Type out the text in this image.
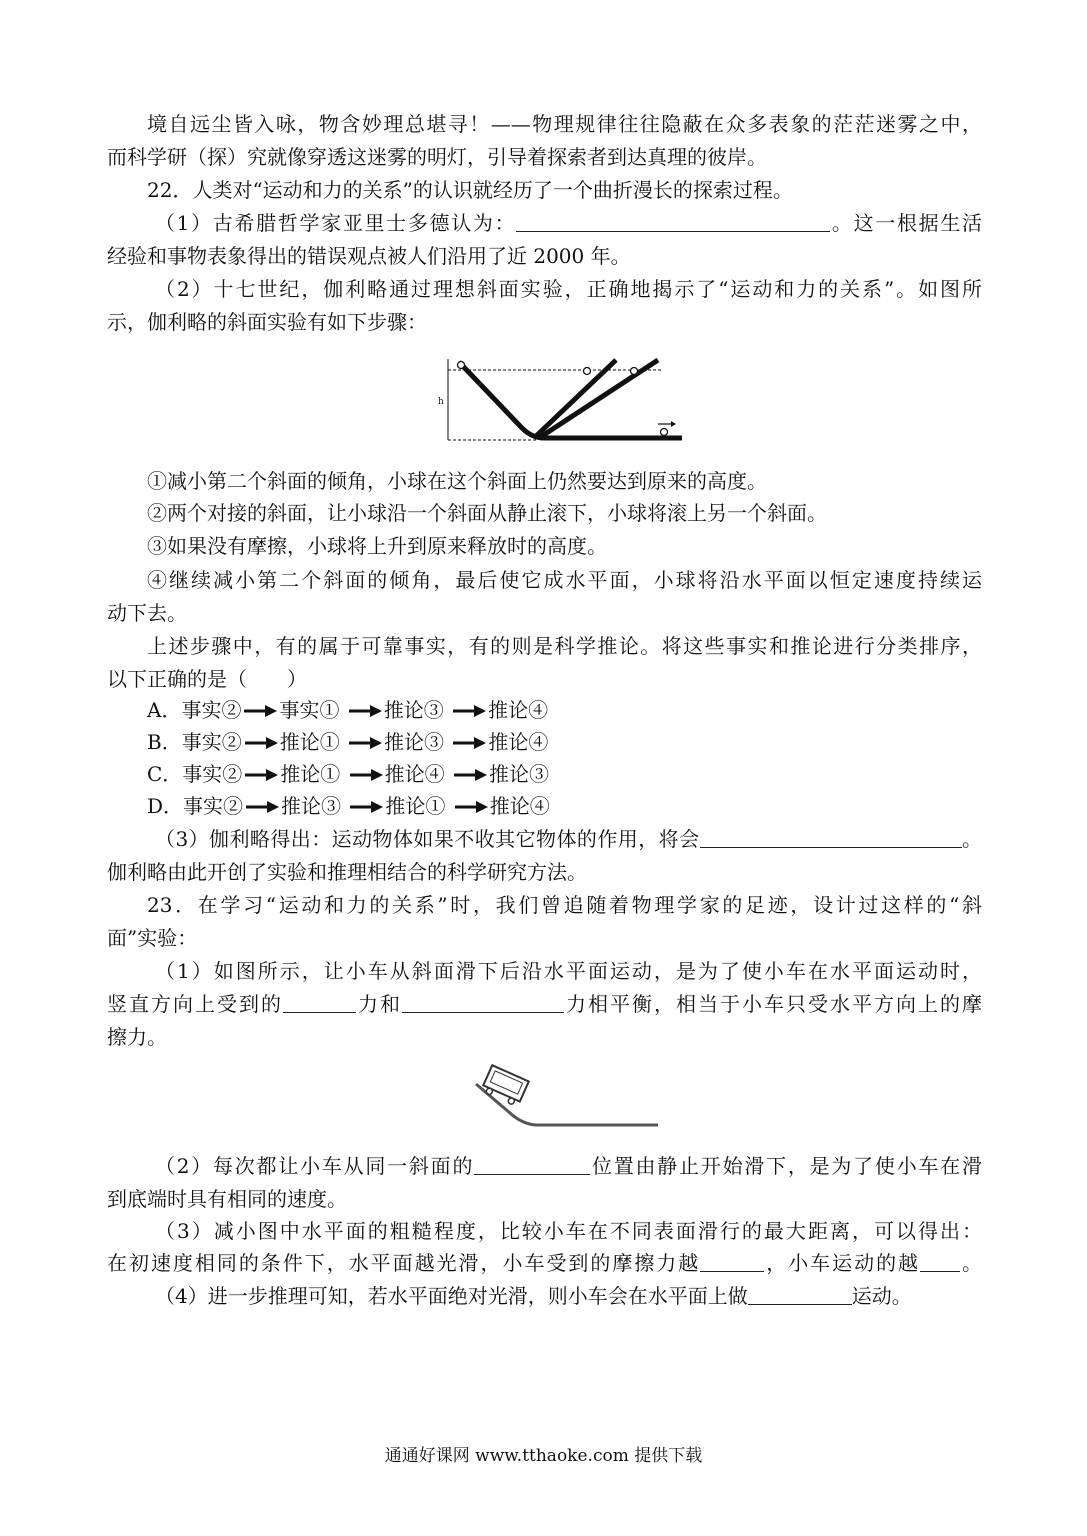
境自远尘皆入咏，物含妙理总堪寻！——物理规律往往隐蔽在众多表象的茫茫迷雾之中，
而科学研（探）究就像穿透这迷雾的明灯，引导着探索者到达真理的彼岸。
22．人类对“运动和力的关系”的认识就经历了一个曲折漫长的探索过程。
（1）古希腊哲学家亚里士多德认为：	。这一根据生活
经验和事物表象得出的错误观点被人们沿用了近 2000 年。
（2）十七世纪，伽利略通过理想斜面实验，正确地揭示了“运动和力的关系”。如图所
示，伽利略的斜面实验有如下步骤：
h
①减小第二个斜面的倾角，小球在这个斜面上仍然要达到原来的高度。
②两个对接的斜面，让小球沿一个斜面从静止滚下，小球将滚上另一个斜面。
③如果没有摩擦，小球将上升到原来释放时的高度。
④继续减小第二个斜面的倾角，最后使它成水平面，小球将沿水平面以恒定速度持续运
动下去。
上述步骤中，有的属于可靠事实，有的则是科学推论。将这些事实和推论进行分类排序，
以下正确的是（　　）
A．事实② 事实① 推论③ 推论④
B．事实② 推论① 推论③ 推论④
C．事实② 推论① 推论④ 推论③
D．事实② 推论③ 推论① 推论④
（3）伽利略得出：运动物体如果不收其它物体的作用，将会	。
伽利略由此开创了实验和推理相结合的科学研究方法。
23．在学习“运动和力的关系”时，我们曾追随着物理学家的足迹，设计过这样的“斜
面”实验：
（1）如图所示，让小车从斜面滑下后沿水平面运动，是为了使小车在水平面运动时，
竖直方向上受到的	力和	力相平衡，相当于小车只受水平方向上的摩
擦力。
（2）每次都让小车从同一斜面的	位置由静止开始滑下，是为了使小车在滑
到底端时具有相同的速度。
（3）减小图中水平面的粗糙程度，比较小车在不同表面滑行的最大距离，可以得出：
在初速度相同的条件下，水平面越光滑，小车受到的摩擦力越	，小车运动的越 。
（4）进一步推理可知，若水平面绝对光滑，则小车会在水平面上做	运动。
通通好课网 www.tthaoke.com 提供下载
